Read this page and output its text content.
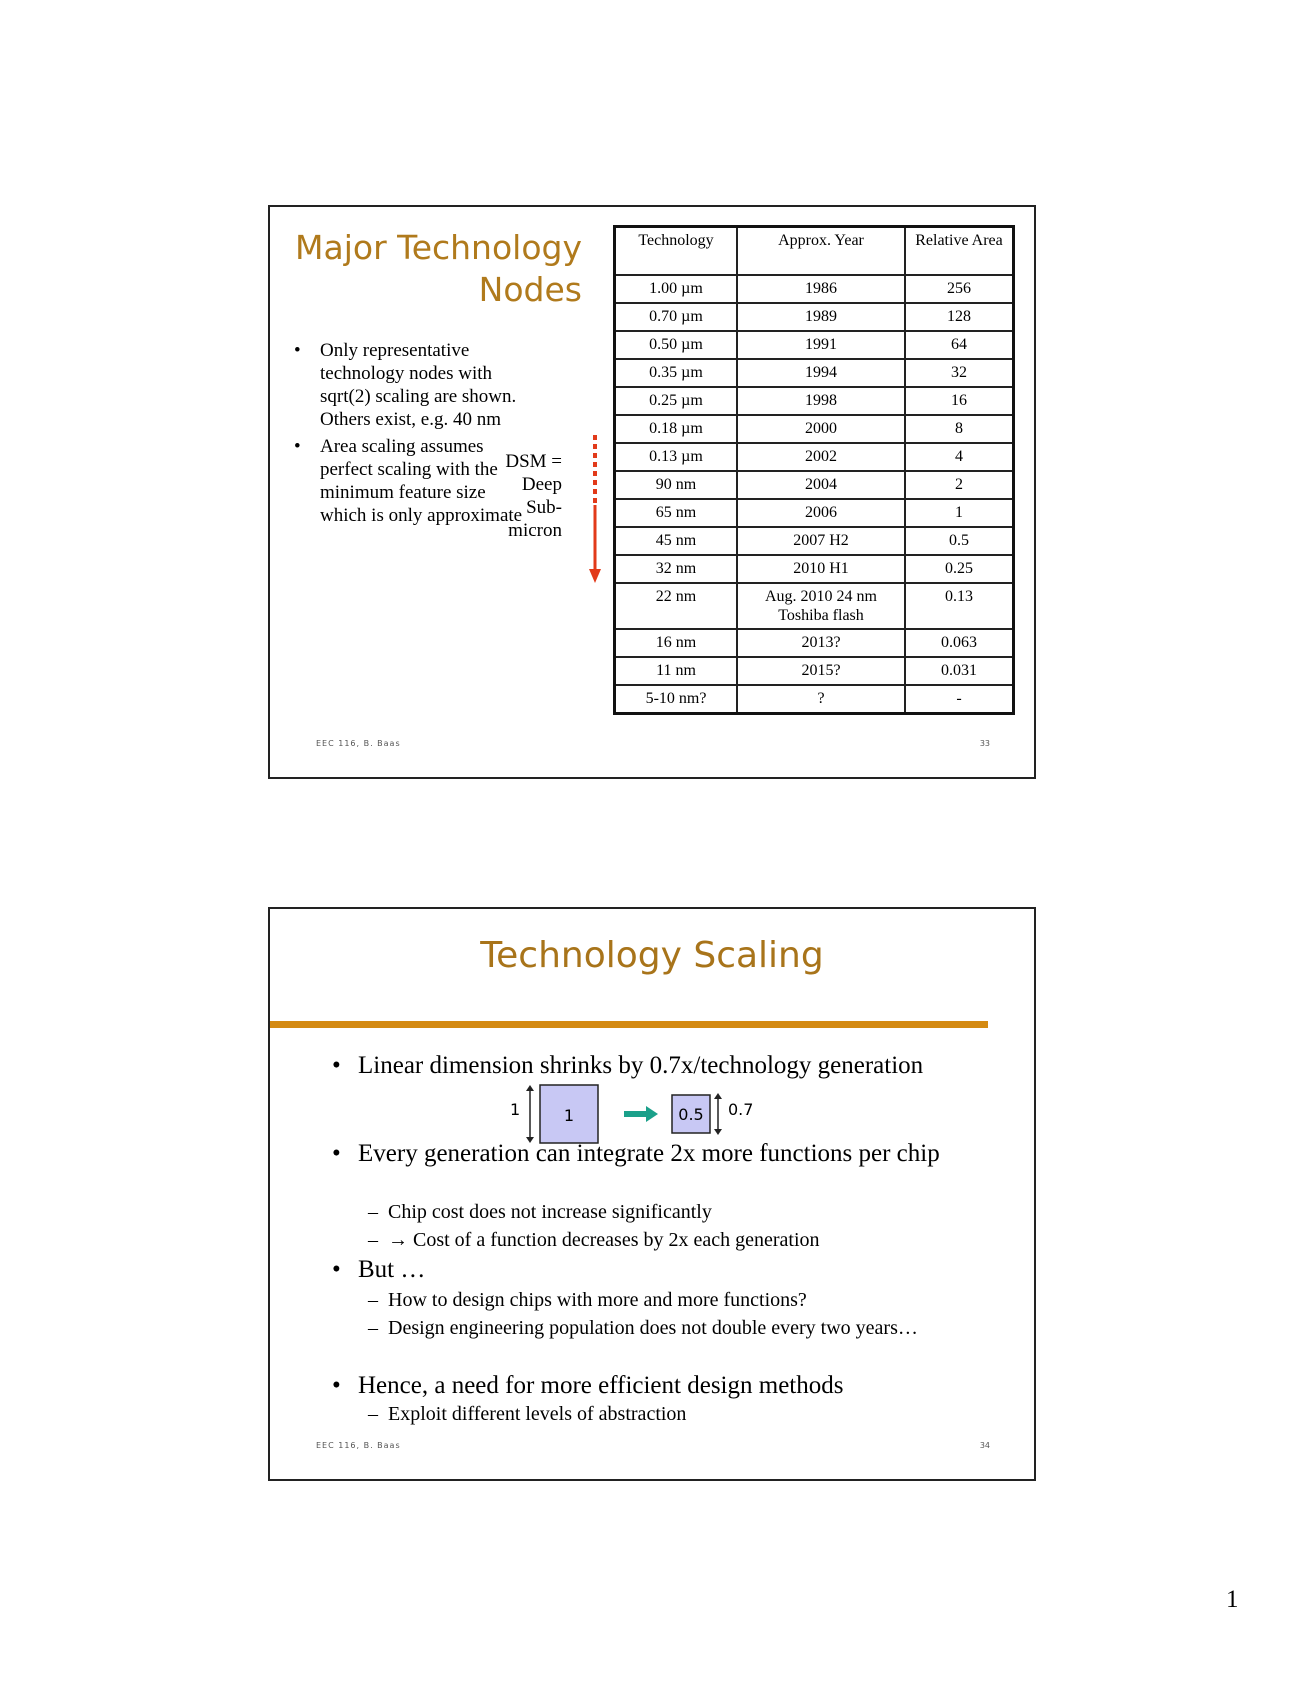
Major Technology
Nodes
• Only representative technology nodes with sqrt(2) scaling are shown. Others exist, e.g. 40 nm
• Area scaling assumes perfect scaling with the minimum feature size which is only approximate
DSM =
Deep
Sub-
micron
Technology	Approx. Year	Relative Area
1.00 µm	1986	256
0.70 µm	1989	128
0.50 µm	1991	64
0.35 µm	1994	32
0.25 µm	1998	16
0.18 µm	2000	8
0.13 µm	2002	4
90 nm	2004	2
65 nm	2006	1
45 nm	2007 H2	0.5
32 nm	2010 H1	0.25
22 nm	Aug. 2010 24 nm Toshiba flash	0.13
16 nm	2013?	0.063
11 nm	2015?	0.031
5-10 nm?	?	-
EEC 116, B. Baas	33
Technology Scaling
• Linear dimension shrinks by 0.7x/technology generation
1	1	0.5 0.7
• Every generation can integrate 2x more functions per chip
– Chip cost does not increase significantly
– → Cost of a function decreases by 2x each generation
• But …
– How to design chips with more and more functions?
– Design engineering population does not double every two years…
• Hence, a need for more efficient design methods
– Exploit different levels of abstraction
EEC 116, B. Baas	34
1
